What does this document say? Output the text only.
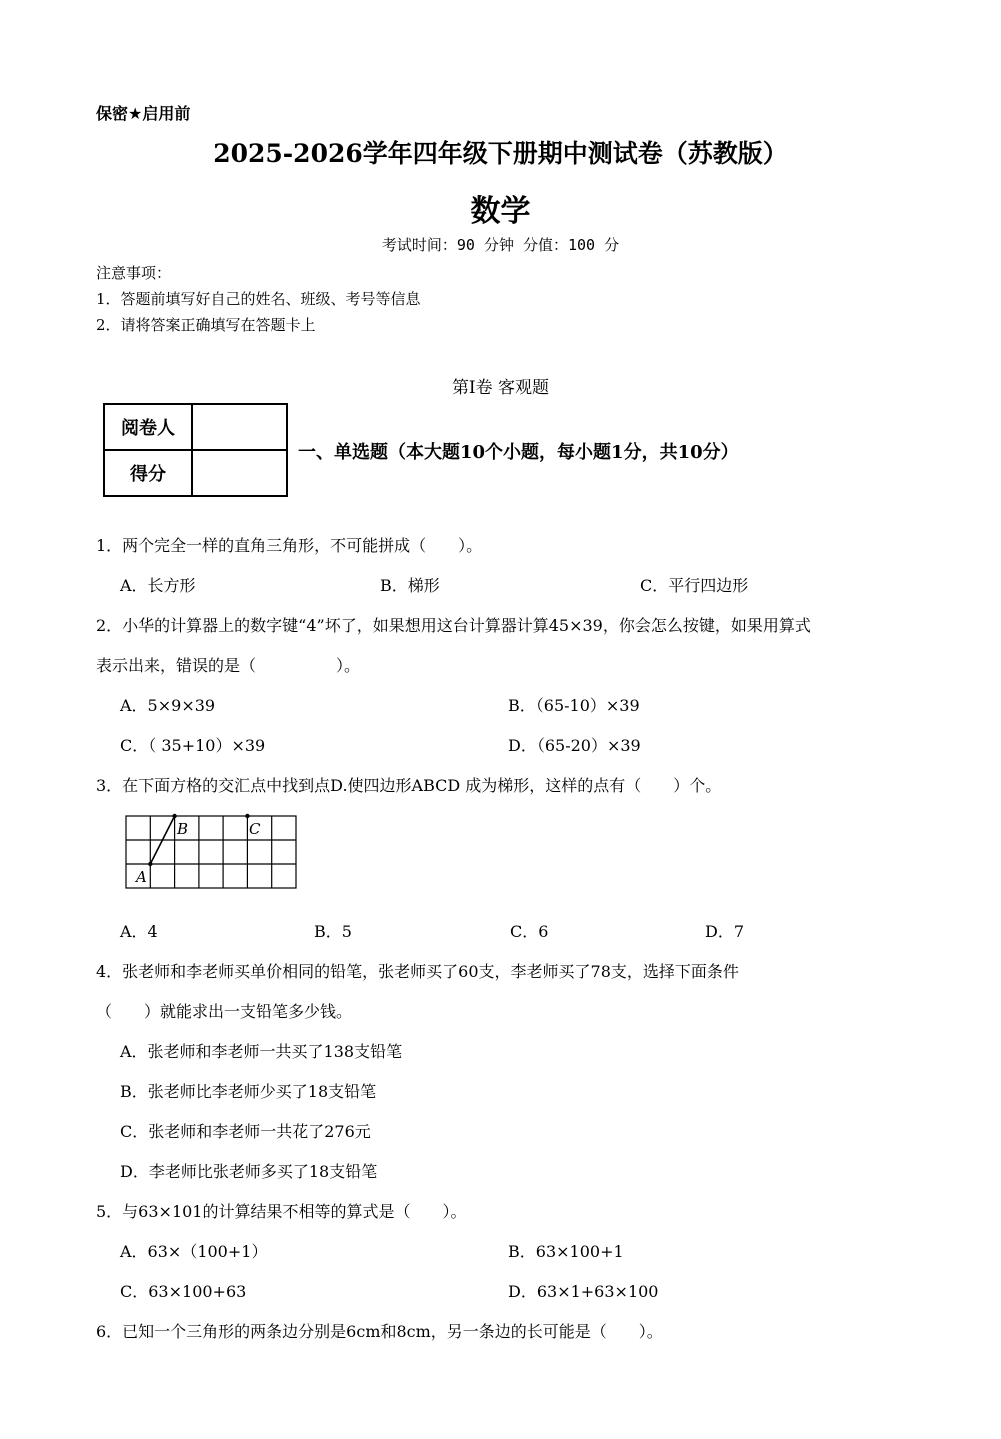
保密★启用前
2025-2026学年四年级下册期中测试卷（苏教版）
数学
考试时间：90 分钟 分值：100 分
注意事项：
1．答题前填写好自己的姓名、班级、考号等信息
2．请将答案正确填写在答题卡上
第Ⅰ卷 客观题
阅卷人	
得分	
一、单选题（本大题10个小题，每小题1分，共10分）
1．两个完全一样的直角三角形，不可能拼成（　　）。
A．长方形	B．梯形	C．平行四边形
2．小华的计算器上的数字键“4”坏了，如果想用这台计算器计算45×39，你会怎么按键，如果用算式
表示出来，错误的是（　　　　　）。
A．5×9×39	B．（65-10）×39
C．（ 35+10）×39	D．（65-20）×39
3．在下面方格的交汇点中找到点D.使四边形ABCD 成为梯形，这样的点有（　　）个。
A
B	C
A．4	B．5	C．6	D．7
4．张老师和李老师买单价相同的铅笔，张老师买了60支，李老师买了78支，选择下面条件
（　　）就能求出一支铅笔多少钱。
A．张老师和李老师一共买了138支铅笔
B．张老师比李老师少买了18支铅笔
C．张老师和李老师一共花了276元
D．李老师比张老师多买了18支铅笔
5．与63×101的计算结果不相等的算式是（　　）。
A．63×（100+1）	B．63×100+1
C．63×100+63	D．63×1+63×100
6．已知一个三角形的两条边分别是6cm和8cm，另一条边的长可能是（　　）。
